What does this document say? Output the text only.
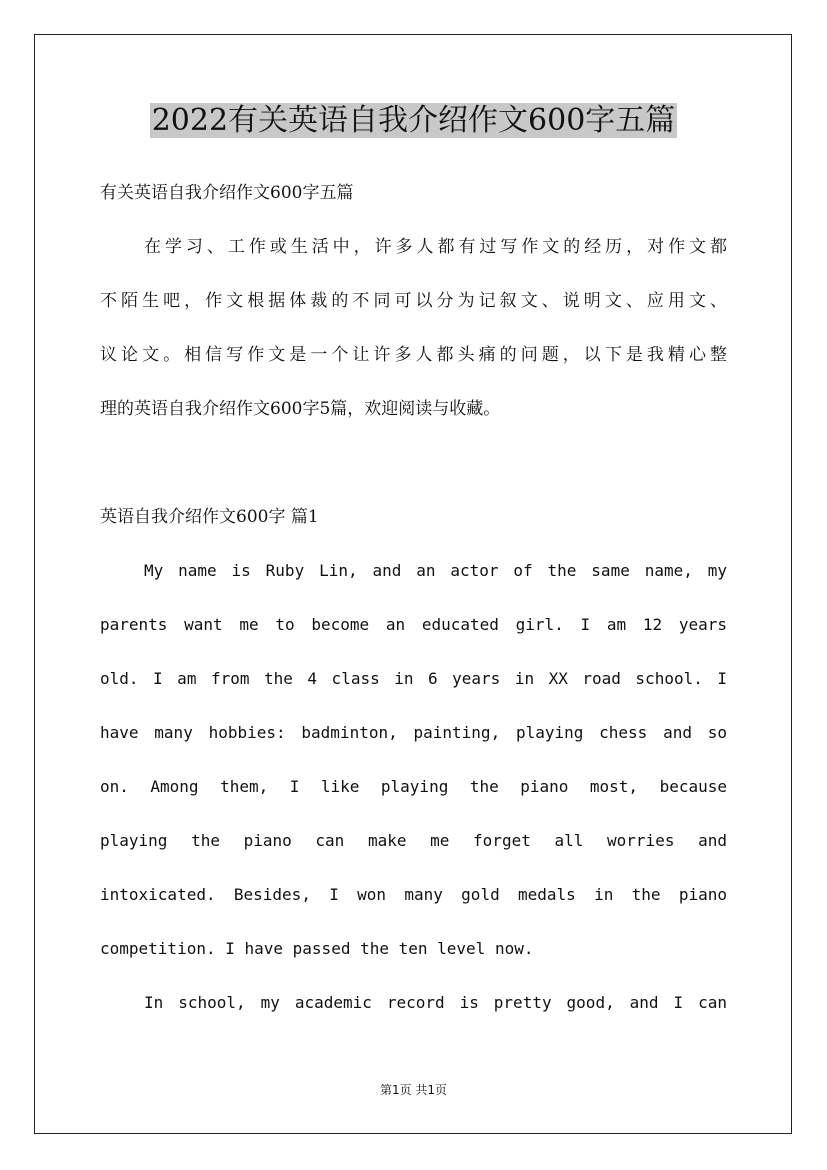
2022有关英语自我介绍作文600字五篇
有关英语自我介绍作文600字五篇
在学习、工作或生活中，许多人都有过写作文的经历，对作文都
不陌生吧，作文根据体裁的不同可以分为记叙文、说明文、应用文、
议论文。相信写作文是一个让许多人都头痛的问题，以下是我精心整
理的英语自我介绍作文600字5篇，欢迎阅读与收藏。
英语自我介绍作文600字 篇1
My name is Ruby Lin, and an actor of the same name, my
parents want me to become an educated girl. I am 12 years
old. I am from the 4 class in 6 years in XX road school. I
have many hobbies: badminton, painting, playing chess and so
on. Among them, I like playing the piano most, because
playing the piano can make me forget all worries and
intoxicated. Besides, I won many gold medals in the piano
competition. I have passed the ten level now.
In school, my academic record is pretty good, and I can
第1页 共1页
